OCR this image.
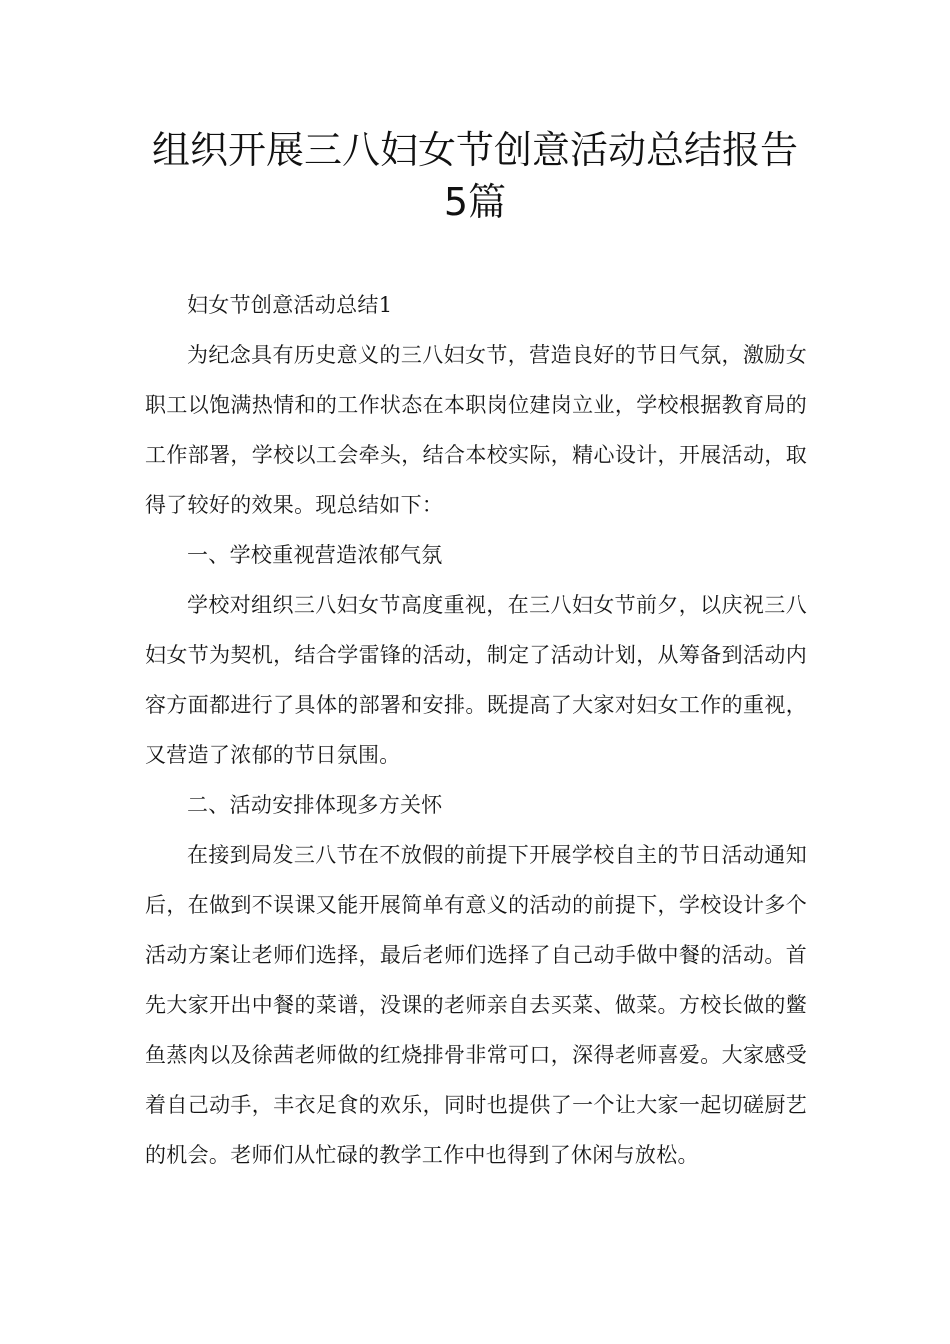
组织开展三八妇女节创意活动总结报告
5篇

妇女节创意活动总结1

为纪念具有历史意义的三八妇女节，营造良好的节日气氛，激励女职工以饱满热情和的工作状态在本职岗位建岗立业，学校根据教育局的工作部署，学校以工会牵头，结合本校实际，精心设计，开展活动，取得了较好的效果。现总结如下：

一、学校重视营造浓郁气氛

学校对组织三八妇女节高度重视，在三八妇女节前夕，以庆祝三八妇女节为契机，结合学雷锋的活动，制定了活动计划，从筹备到活动内容方面都进行了具体的部署和安排。既提高了大家对妇女工作的重视，又营造了浓郁的节日氛围。

二、活动安排体现多方关怀

在接到局发三八节在不放假的前提下开展学校自主的节日活动通知后，在做到不误课又能开展简单有意义的活动的前提下，学校设计多个活动方案让老师们选择，最后老师们选择了自己动手做中餐的活动。首先大家开出中餐的菜谱，没课的老师亲自去买菜、做菜。方校长做的鳖鱼蒸肉以及徐茜老师做的红烧排骨非常可口，深得老师喜爱。大家感受着自己动手，丰衣足食的欢乐，同时也提供了一个让大家一起切磋厨艺的机会。老师们从忙碌的教学工作中也得到了休闲与放松。
